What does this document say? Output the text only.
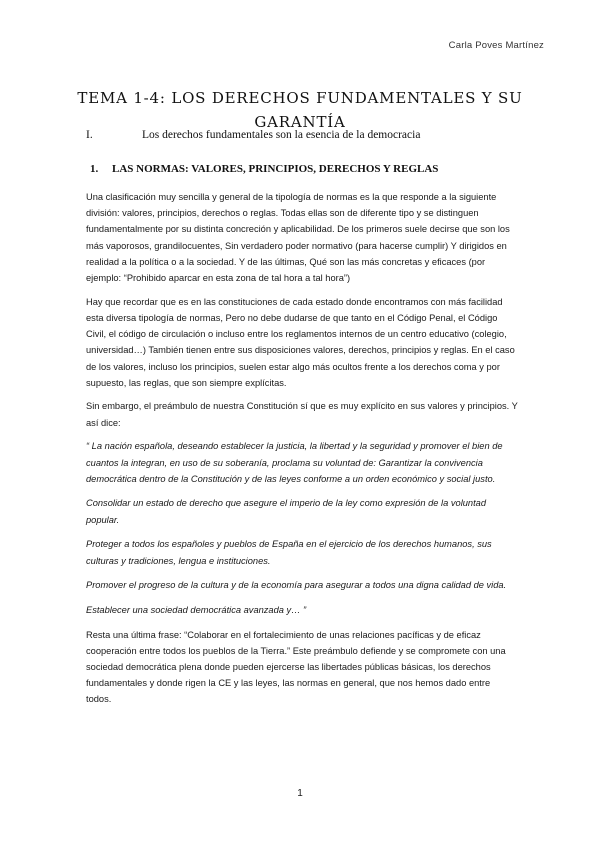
Carla Poves Martínez
TEMA 1-4: LOS DERECHOS FUNDAMENTALES Y SU GARANTÍA
I.	Los derechos fundamentales son la esencia de la democracia
1. LAS NORMAS: VALORES, PRINCIPIOS, DERECHOS Y REGLAS

Una clasificación muy sencilla y general de la tipología de normas es la que responde a la siguiente división: valores, principios, derechos o reglas. Todas ellas son de diferente tipo y se distinguen fundamentalmente por su distinta concreción y aplicabilidad. De los primeros suele decirse que son los más vaporosos, grandilocuentes, Sin verdadero poder normativo (para hacerse cumplir) Y dirigidos en realidad a la política o a la sociedad. Y de las últimas, Qué son las más concretas y eficaces (por ejemplo: “Prohibido aparcar en esta zona de tal hora a tal hora”)

Hay que recordar que es en las constituciones de cada estado donde encontramos con más facilidad esta diversa tipología de normas, Pero no debe dudarse de que tanto en el Código Penal, el Código Civil, el código de circulación o incluso entre los reglamentos internos de un centro educativo (colegio, universidad…) También tienen entre sus disposiciones valores, derechos, principios y reglas. En el caso de los valores, incluso los principios, suelen estar algo más ocultos frente a los derechos coma y por supuesto, las reglas, que son siempre explícitas.

Sin embargo, el preámbulo de nuestra Constitución sí que es muy explícito en sus valores y principios. Y así dice:

“ La nación española, deseando establecer la justicia, la libertad y la seguridad y promover el bien de cuantos la integran, en uso de su soberanía, proclama su voluntad de: Garantizar la convivencia democrática dentro de la Constitución y de las leyes conforme a un orden económico y social justo.

Consolidar un estado de derecho que asegure el imperio de la ley como expresión de la voluntad popular.

Proteger a todos los españoles y pueblos de España en el ejercicio de los derechos humanos, sus culturas y tradiciones, lengua e instituciones.

Promover el progreso de la cultura y de la economía para asegurar a todos una digna calidad de vida.

Establecer una sociedad democrática avanzada y… ”

Resta una última frase: “Colaborar en el fortalecimiento de unas relaciones pacíficas y de eficaz cooperación entre todos los pueblos de la Tierra.” Este preámbulo defiende y se compromete con una sociedad democrática plena donde pueden ejercerse las libertades públicas básicas, los derechos fundamentales y donde rigen la CE y las leyes, las normas en general, que nos hemos dado entre todos.

1
